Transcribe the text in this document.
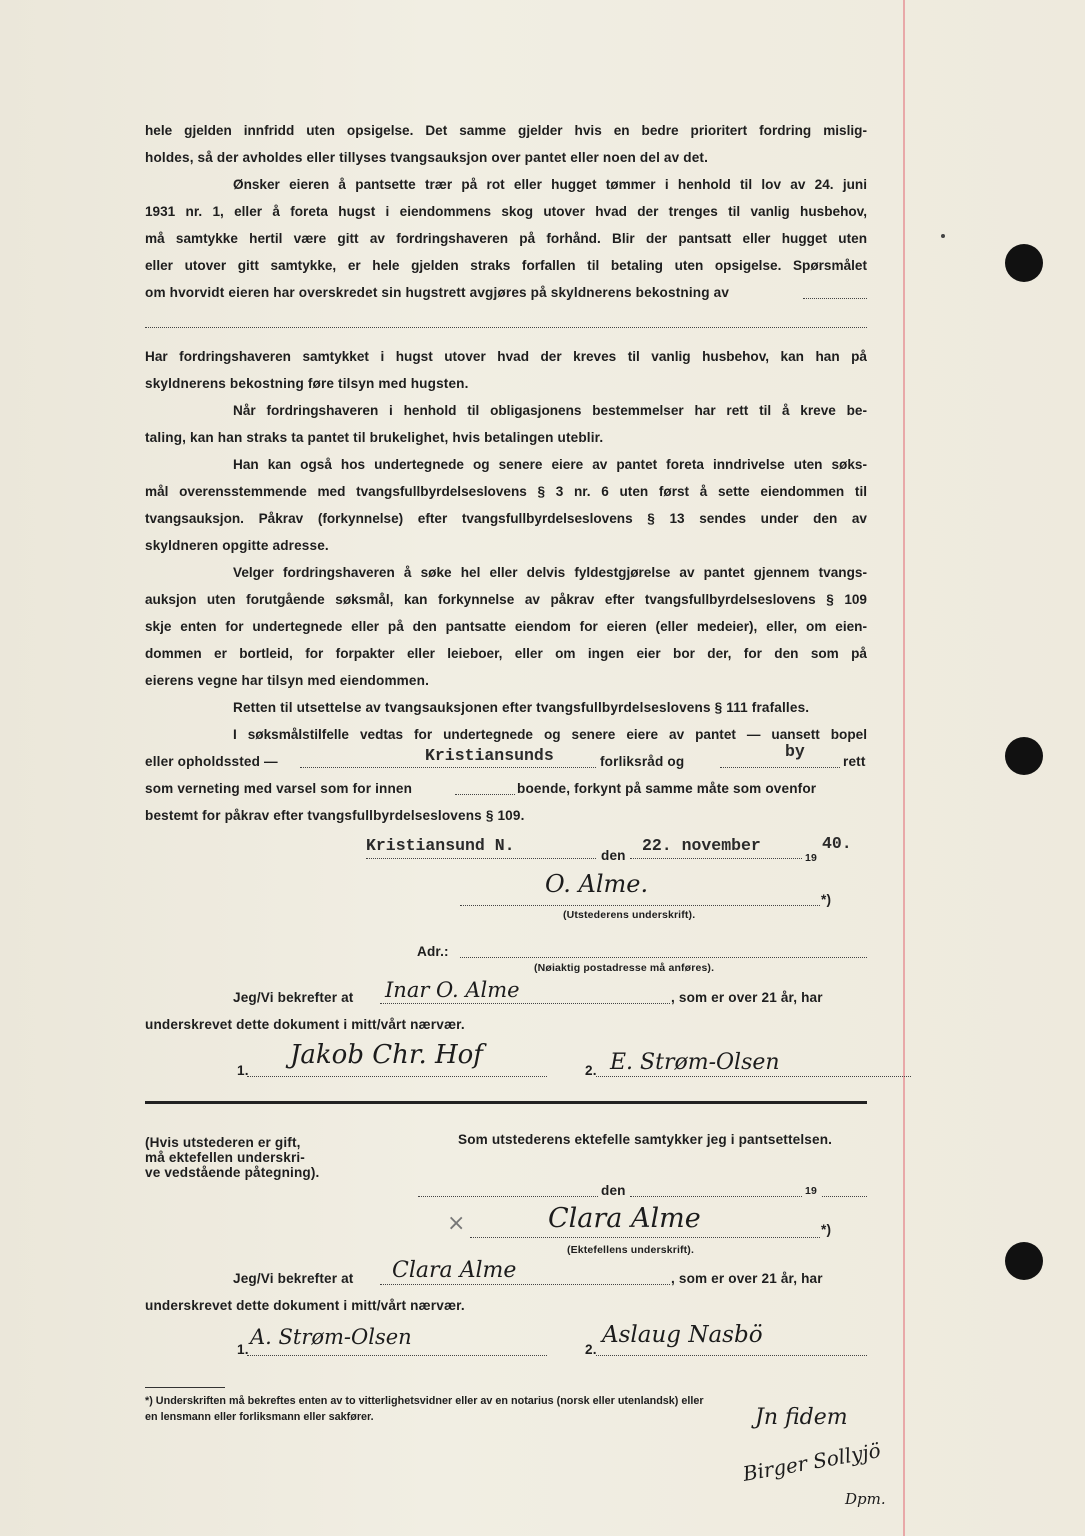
hele gjelden innfridd uten opsigelse. Det samme gjelder hvis en bedre prioritert fordring mislig-
holdes, så der avholdes eller tillyses tvangsauksjon over pantet eller noen del av det.
Ønsker eieren å pantsette trær på rot eller hugget tømmer i henhold til lov av 24. juni
1931 nr. 1, eller å foreta hugst i eiendommens skog utover hvad der trenges til vanlig husbehov,
må samtykke hertil være gitt av fordringshaveren på forhånd. Blir der pantsatt eller hugget uten
eller utover gitt samtykke, er hele gjelden straks forfallen til betaling uten opsigelse. Spørsmålet
om hvorvidt eieren har overskredet sin hugstrett avgjøres på skyldnerens bekostning av
Har fordringshaveren samtykket i hugst utover hvad der kreves til vanlig husbehov, kan han på
skyldnerens bekostning føre tilsyn med hugsten.
Når fordringshaveren i henhold til obligasjonens bestemmelser har rett til å kreve be-
taling, kan han straks ta pantet til brukelighet, hvis betalingen uteblir.
Han kan også hos undertegnede og senere eiere av pantet foreta inndrivelse uten søks-
mål overensstemmende med tvangsfullbyrdelseslovens § 3 nr. 6 uten først å sette eiendommen til
tvangsauksjon. Påkrav (forkynnelse) efter tvangsfullbyrdelseslovens § 13 sendes under den av
skyldneren opgitte adresse.
Velger fordringshaveren å søke hel eller delvis fyldestgjørelse av pantet gjennem tvangs-
auksjon uten forutgående søksmål, kan forkynnelse av påkrav efter tvangsfullbyrdelseslovens § 109
skje enten for undertegnede eller på den pantsatte eiendom for eieren (eller medeier), eller, om eien-
dommen er bortleid, for forpakter eller leieboer, eller om ingen eier bor der, for den som på
eierens vegne har tilsyn med eiendommen.
Retten til utsettelse av tvangsauksjonen efter tvangsfullbyrdelseslovens § 111 frafalles.
I søksmålstilfelle vedtas for undertegnede og senere eiere av pantet — uansett bopel
eller opholdssted —	Kristiansunds	forliksråd og
by
rett
som verneting med varsel som for innen	boende, forkynt på samme måte som ovenfor
bestemt for påkrav efter tvangsfullbyrdelseslovens § 109.
Kristiansund N.
den
22. november
19
40.
O. Alme.
*)
(Utstederens underskrift).
Adr.:
(Nøiaktig postadresse må anføres).
Jeg/Vi bekrefter at Inar O. Alme	, som er over 21 år, har
underskrevet dette dokument i mitt/vårt nærvær.
1.
Jakob Chr. Hof
2. E. Strøm-Olsen
(Hvis utstederen er gift,
må ektefellen underskri-
ve vedstående påtegning).
Som utstederens ektefelle samtykker jeg i pantsettelsen.
den	19
×	Clara Alme	*)
(Ektefellens underskrift).
Jeg/Vi bekrefter at Clara Alme	, som er over 21 år, har
underskrevet dette dokument i mitt/vårt nærvær.
1.
A. Strøm-Olsen
2.
Aslaug Nasbö
*) Underskriften må bekreftes enten av to vitterlighetsvidner eller av en notarius (norsk eller utenlandsk) eller
en lensmann eller forliksmann eller sakfører.	Jn fidem
Birger Sollyjö
Dpm.
